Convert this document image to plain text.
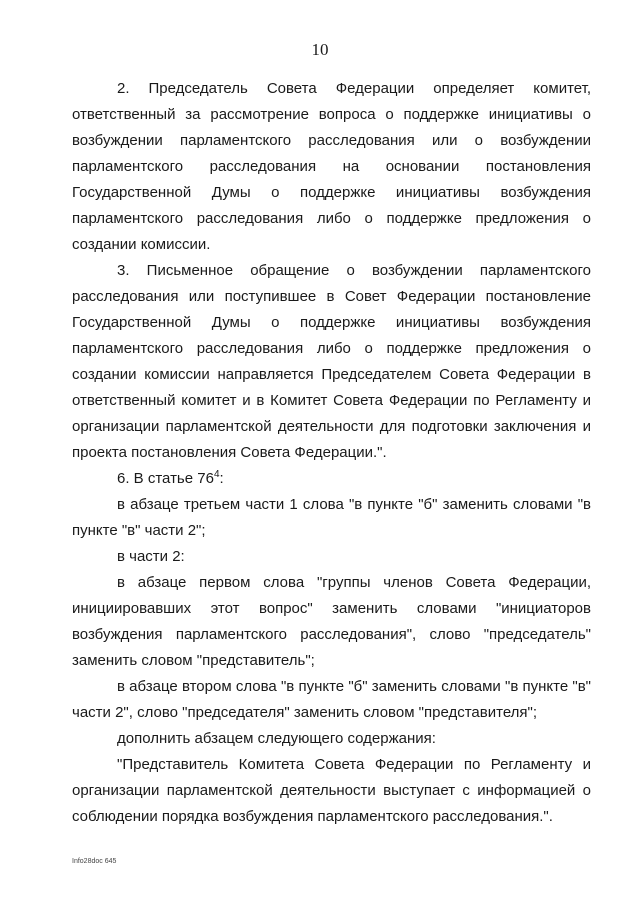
10

2. Председатель Совета Федерации определяет комитет, ответственный за рассмотрение вопроса о поддержке инициативы о возбуждении парламентского расследования или о возбуждении парламентского расследования на основании постановления Государственной Думы о поддержке инициативы возбуждения парламентского расследования либо о поддержке предложения о создании комиссии.

3. Письменное обращение о возбуждении парламентского расследования или поступившее в Совет Федерации постановление Государственной Думы о поддержке инициативы возбуждения парламентского расследования либо о поддержке предложения о создании комиссии направляется Председателем Совета Федерации в ответственный комитет и в Комитет Совета Федерации по Регламенту и организации парламентской деятельности для подготовки заключения и проекта постановления Совета Федерации.".

6. В статье $76^4$:

в абзаце третьем части 1 слова "в пункте "б" заменить словами "в пункте "в" части 2";

в части 2:

в абзаце первом слова "группы членов Совета Федерации, инициировавших этот вопрос" заменить словами "инициаторов возбуждения парламентского расследования", слово "председатель" заменить словом "представитель";

в абзаце втором слова "в пункте "б" заменить словами "в пункте "в" части 2", слово "председателя" заменить словом "представителя";

дополнить абзацем следующего содержания:

"Представитель Комитета Совета Федерации по Регламенту и организации парламентской деятельности выступает с информацией о соблюдении порядка возбуждения парламентского расследования.".

Info28doc 645
